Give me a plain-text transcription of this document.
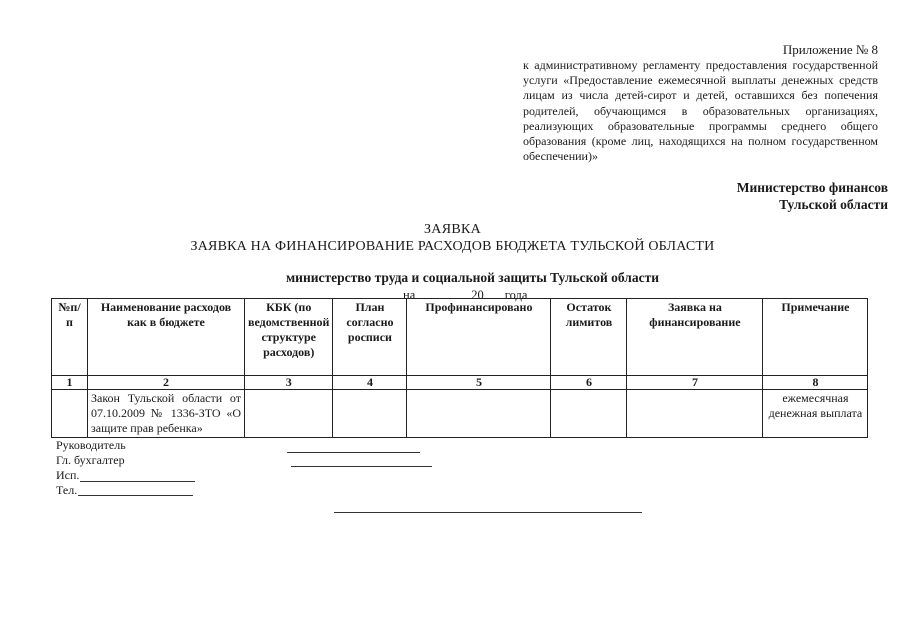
Приложение № 8
к административному регламенту предоставления государственной услуги «Предоставление ежемесячной выплаты денежных средств лицам из числа детей-сирот и детей, оставшихся без попечения родителей, обучающимся в образовательных организациях, реализующих образовательные программы среднего общего образования (кроме лиц, находящихся на полном государственном обеспечении)»
Министерство финансов
Тульской области
ЗАЯВКА
ЗАЯВКА НА ФИНАНСИРОВАНИЕ РАСХОДОВ БЮДЖЕТА ТУЛЬСКОЙ ОБЛАСТИ
министерство труда и социальной защиты Тульской области
на	20 года
№п/п	Наименование расходов как в бюджете	КБК (по ведомственной структуре расходов)	План согласно росписи	Профинансировано	Остаток лимитов	Заявка на финансирование	Примечание
1	2	3	4	5	6	7	8
	Закон Тульской области от 07.10.2009 № 1336-ЗТО «О защите прав ребенка»						ежемесячная денежная выплата
Руководитель
Гл. бухгалтер
Исп.
Тел.
